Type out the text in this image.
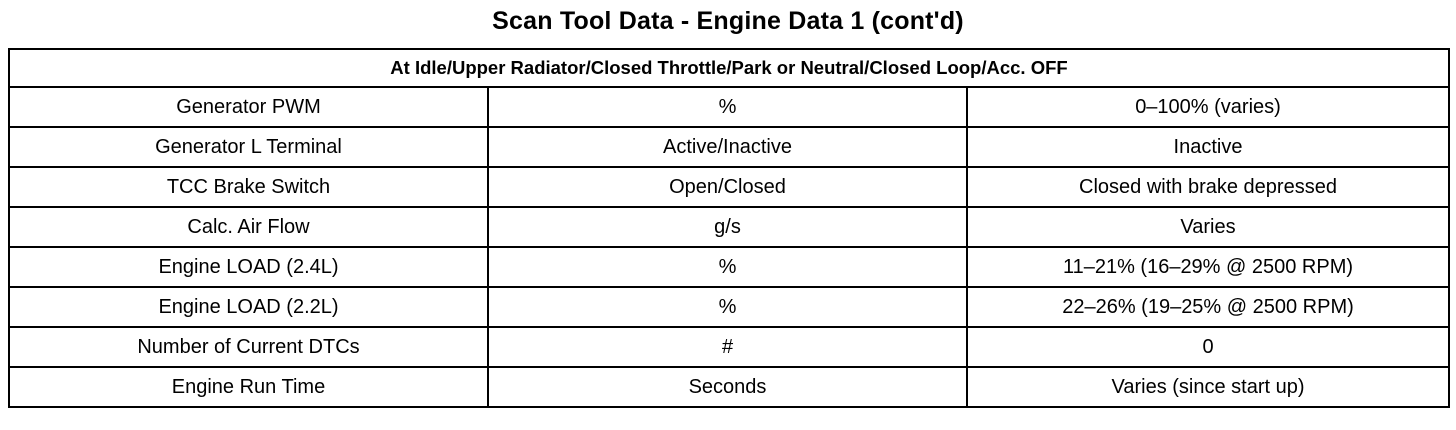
Scan Tool Data - Engine Data 1 (cont'd)
At Idle/Upper Radiator/Closed Throttle/Park or Neutral/Closed Loop/Acc. OFF		
Generator PWM	%	0–100% (varies)
Generator L Terminal	Active/Inactive	Inactive
TCC Brake Switch	Open/Closed	Closed with brake depressed
Calc. Air Flow	g/s	Varies
Engine LOAD (2.4L)	%	11–21% (16–29% @ 2500 RPM)
Engine LOAD (2.2L)	%	22–26% (19–25% @ 2500 RPM)
Number of Current DTCs	#	0
Engine Run Time	Seconds	Varies (since start up)
